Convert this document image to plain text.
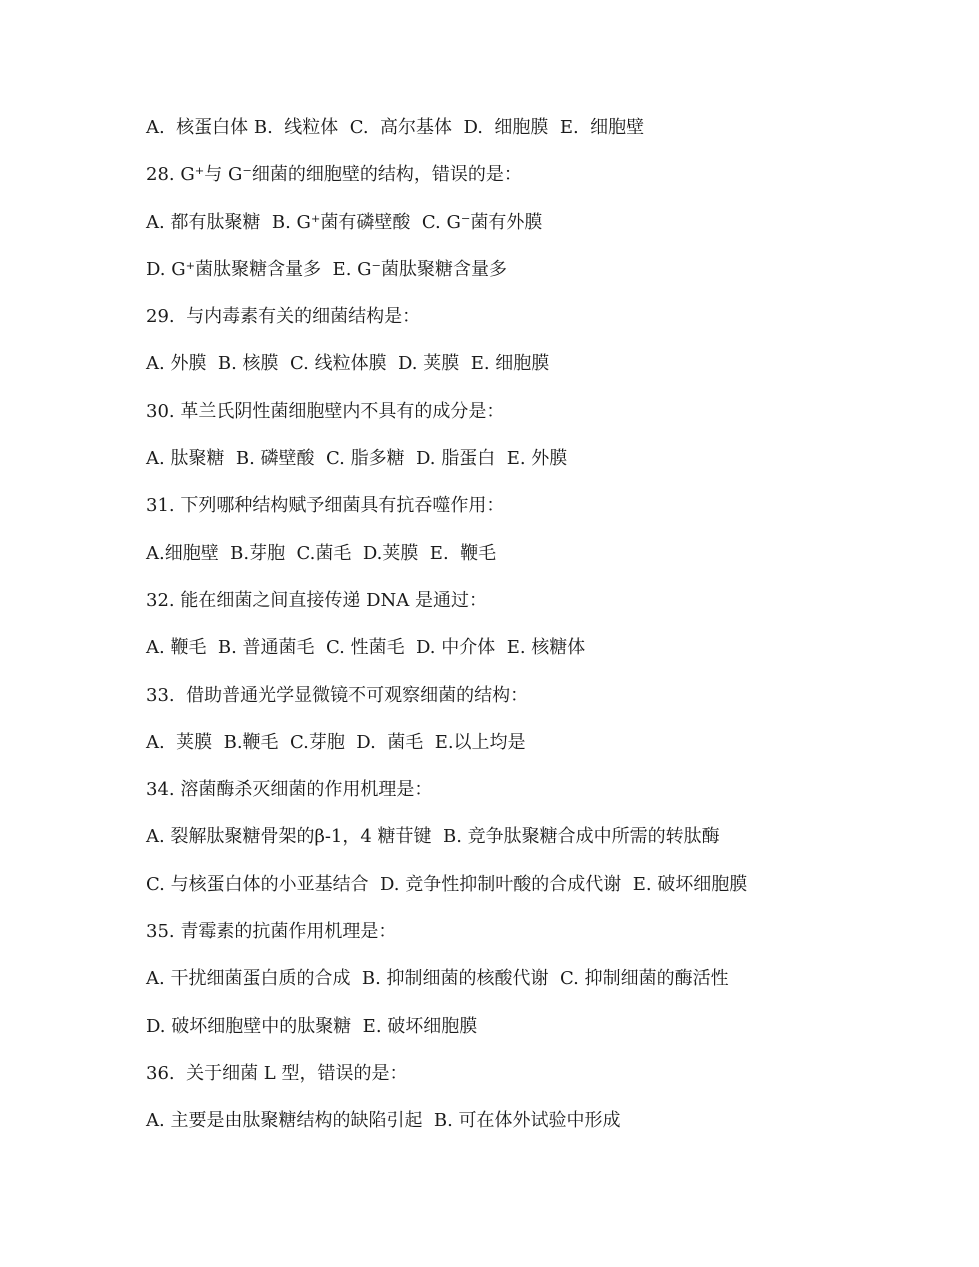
A.  核蛋白体 B.  线粒体  C.  高尔基体  D.  细胞膜  E.  细胞壁

28. G⁺与 G⁻细菌的细胞壁的结构，错误的是：

A. 都有肽聚糖  B. G⁺菌有磷壁酸  C. G⁻菌有外膜

D. G⁺菌肽聚糖含量多  E. G⁻菌肽聚糖含量多

29.  与内毒素有关的细菌结构是：

A. 外膜  B. 核膜  C. 线粒体膜  D. 荚膜  E. 细胞膜

30. 革兰氏阴性菌细胞壁内不具有的成分是：

A. 肽聚糖  B. 磷壁酸  C. 脂多糖  D. 脂蛋白  E. 外膜

31. 下列哪种结构赋予细菌具有抗吞噬作用：

A.细胞壁  B.芽胞  C.菌毛  D.荚膜  E.  鞭毛

32. 能在细菌之间直接传递 DNA 是通过：

A. 鞭毛  B. 普通菌毛  C. 性菌毛  D. 中介体  E. 核糖体

33.  借助普通光学显微镜不可观察细菌的结构：

A.  荚膜  B.鞭毛  C.芽胞  D.  菌毛  E.以上均是

34. 溶菌酶杀灭细菌的作用机理是：

A. 裂解肽聚糖骨架的β-1，4 糖苷键  B. 竞争肽聚糖合成中所需的转肽酶

C. 与核蛋白体的小亚基结合  D. 竞争性抑制叶酸的合成代谢  E. 破坏细胞膜

35. 青霉素的抗菌作用机理是：

A. 干扰细菌蛋白质的合成  B. 抑制细菌的核酸代谢  C. 抑制细菌的酶活性

D. 破坏细胞壁中的肽聚糖  E. 破坏细胞膜

36.  关于细菌 L 型，错误的是：

A. 主要是由肽聚糖结构的缺陷引起  B. 可在体外试验中形成
